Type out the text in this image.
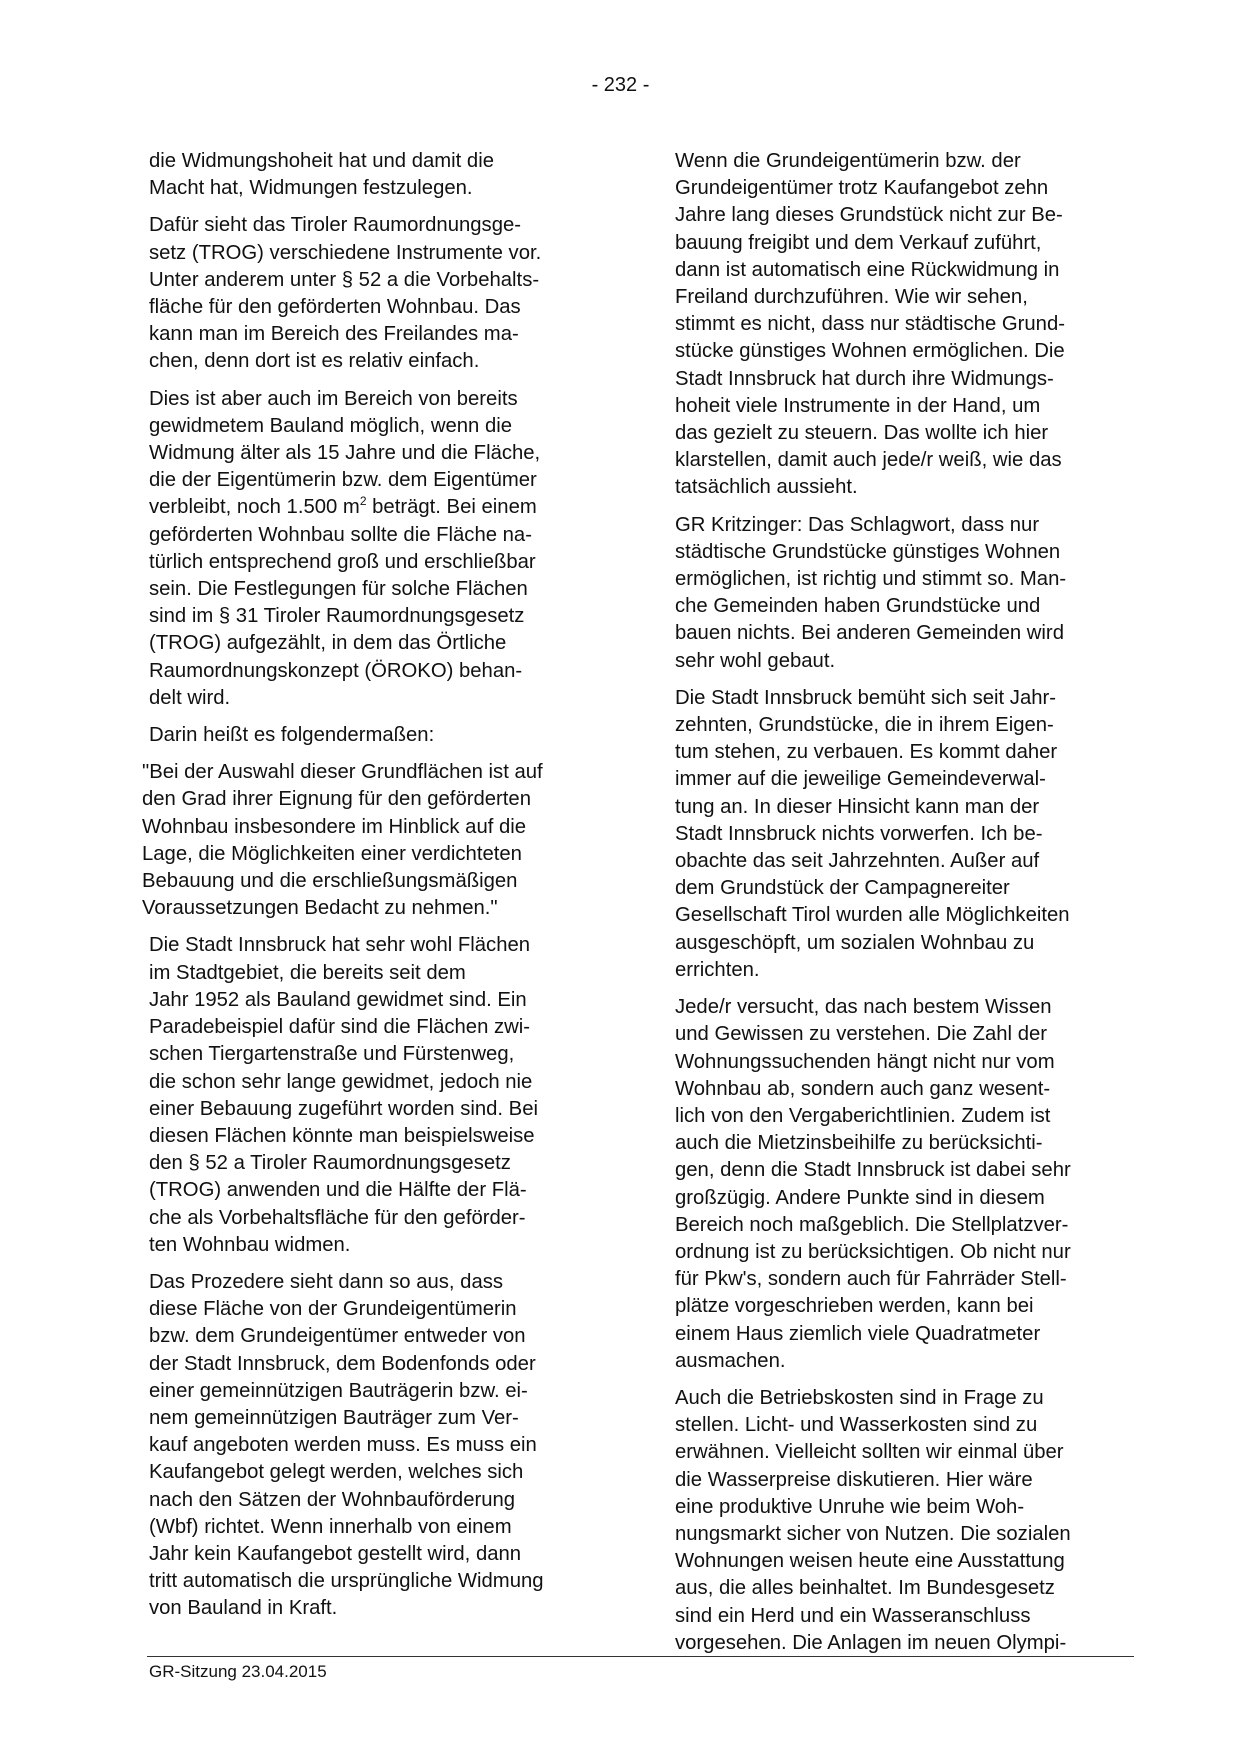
- 232 -
die Widmungshoheit hat und damit die
Macht hat, Widmungen festzulegen.
Dafür sieht das Tiroler Raumordnungsge-
setz (TROG) verschiedene Instrumente vor.
Unter anderem unter § 52 a die Vorbehalts-
fläche für den geförderten Wohnbau. Das
kann man im Bereich des Freilandes ma-
chen, denn dort ist es relativ einfach.
Dies ist aber auch im Bereich von bereits
gewidmetem Bauland möglich, wenn die
Widmung älter als 15 Jahre und die Fläche,
die der Eigentümerin bzw. dem Eigentümer
verbleibt, noch 1.500 $m^2$ beträgt. Bei einem
geförderten Wohnbau sollte die Fläche na-
türlich entsprechend groß und erschließbar
sein. Die Festlegungen für solche Flächen
sind im § 31 Tiroler Raumordnungsgesetz
(TROG) aufgezählt, in dem das Örtliche
Raumordnungskonzept (ÖROKO) behan-
delt wird.
Darin heißt es folgendermaßen:
"Bei der Auswahl dieser Grundflächen ist auf
den Grad ihrer Eignung für den geförderten
Wohnbau insbesondere im Hinblick auf die
Lage, die Möglichkeiten einer verdichteten
Bebauung und die erschließungsmäßigen
Voraussetzungen Bedacht zu nehmen."
Die Stadt Innsbruck hat sehr wohl Flächen
im Stadtgebiet, die bereits seit dem
Jahr 1952 als Bauland gewidmet sind. Ein
Paradebeispiel dafür sind die Flächen zwi-
schen Tiergartenstraße und Fürstenweg,
die schon sehr lange gewidmet, jedoch nie
einer Bebauung zugeführt worden sind. Bei
diesen Flächen könnte man beispielsweise
den § 52 a Tiroler Raumordnungsgesetz
(TROG) anwenden und die Hälfte der Flä-
che als Vorbehaltsfläche für den geförder-
ten Wohnbau widmen.
Das Prozedere sieht dann so aus, dass
diese Fläche von der Grundeigentümerin
bzw. dem Grundeigentümer entweder von
der Stadt Innsbruck, dem Bodenfonds oder
einer gemeinnützigen Bauträgerin bzw. ei-
nem gemeinnützigen Bauträger zum Ver-
kauf angeboten werden muss. Es muss ein
Kaufangebot gelegt werden, welches sich
nach den Sätzen der Wohnbauförderung
(Wbf) richtet. Wenn innerhalb von einem
Jahr kein Kaufangebot gestellt wird, dann
tritt automatisch die ursprüngliche Widmung
von Bauland in Kraft.
Wenn die Grundeigentümerin bzw. der
Grundeigentümer trotz Kaufangebot zehn
Jahre lang dieses Grundstück nicht zur Be-
bauung freigibt und dem Verkauf zuführt,
dann ist automatisch eine Rückwidmung in
Freiland durchzuführen. Wie wir sehen,
stimmt es nicht, dass nur städtische Grund-
stücke günstiges Wohnen ermöglichen. Die
Stadt Innsbruck hat durch ihre Widmungs-
hoheit viele Instrumente in der Hand, um
das gezielt zu steuern. Das wollte ich hier
klarstellen, damit auch jede/r weiß, wie das
tatsächlich aussieht.
GR Kritzinger: Das Schlagwort, dass nur
städtische Grundstücke günstiges Wohnen
ermöglichen, ist richtig und stimmt so. Man-
che Gemeinden haben Grundstücke und
bauen nichts. Bei anderen Gemeinden wird
sehr wohl gebaut.
Die Stadt Innsbruck bemüht sich seit Jahr-
zehnten, Grundstücke, die in ihrem Eigen-
tum stehen, zu verbauen. Es kommt daher
immer auf die jeweilige Gemeindeverwal-
tung an. In dieser Hinsicht kann man der
Stadt Innsbruck nichts vorwerfen. Ich be-
obachte das seit Jahrzehnten. Außer auf
dem Grundstück der Campagnereiter
Gesellschaft Tirol wurden alle Möglichkeiten
ausgeschöpft, um sozialen Wohnbau zu
errichten.
Jede/r versucht, das nach bestem Wissen
und Gewissen zu verstehen. Die Zahl der
Wohnungssuchenden hängt nicht nur vom
Wohnbau ab, sondern auch ganz wesent-
lich von den Vergaberichtlinien. Zudem ist
auch die Mietzinsbeihilfe zu berücksichti-
gen, denn die Stadt Innsbruck ist dabei sehr
großzügig. Andere Punkte sind in diesem
Bereich noch maßgeblich. Die Stellplatzver-
ordnung ist zu berücksichtigen. Ob nicht nur
für Pkw's, sondern auch für Fahrräder Stell-
plätze vorgeschrieben werden, kann bei
einem Haus ziemlich viele Quadratmeter
ausmachen.
Auch die Betriebskosten sind in Frage zu
stellen. Licht- und Wasserkosten sind zu
erwähnen. Vielleicht sollten wir einmal über
die Wasserpreise diskutieren. Hier wäre
eine produktive Unruhe wie beim Woh-
nungsmarkt sicher von Nutzen. Die sozialen
Wohnungen weisen heute eine Ausstattung
aus, die alles beinhaltet. Im Bundesgesetz
sind ein Herd und ein Wasseranschluss
vorgesehen. Die Anlagen im neuen Olympi-
GR-Sitzung 23.04.2015
